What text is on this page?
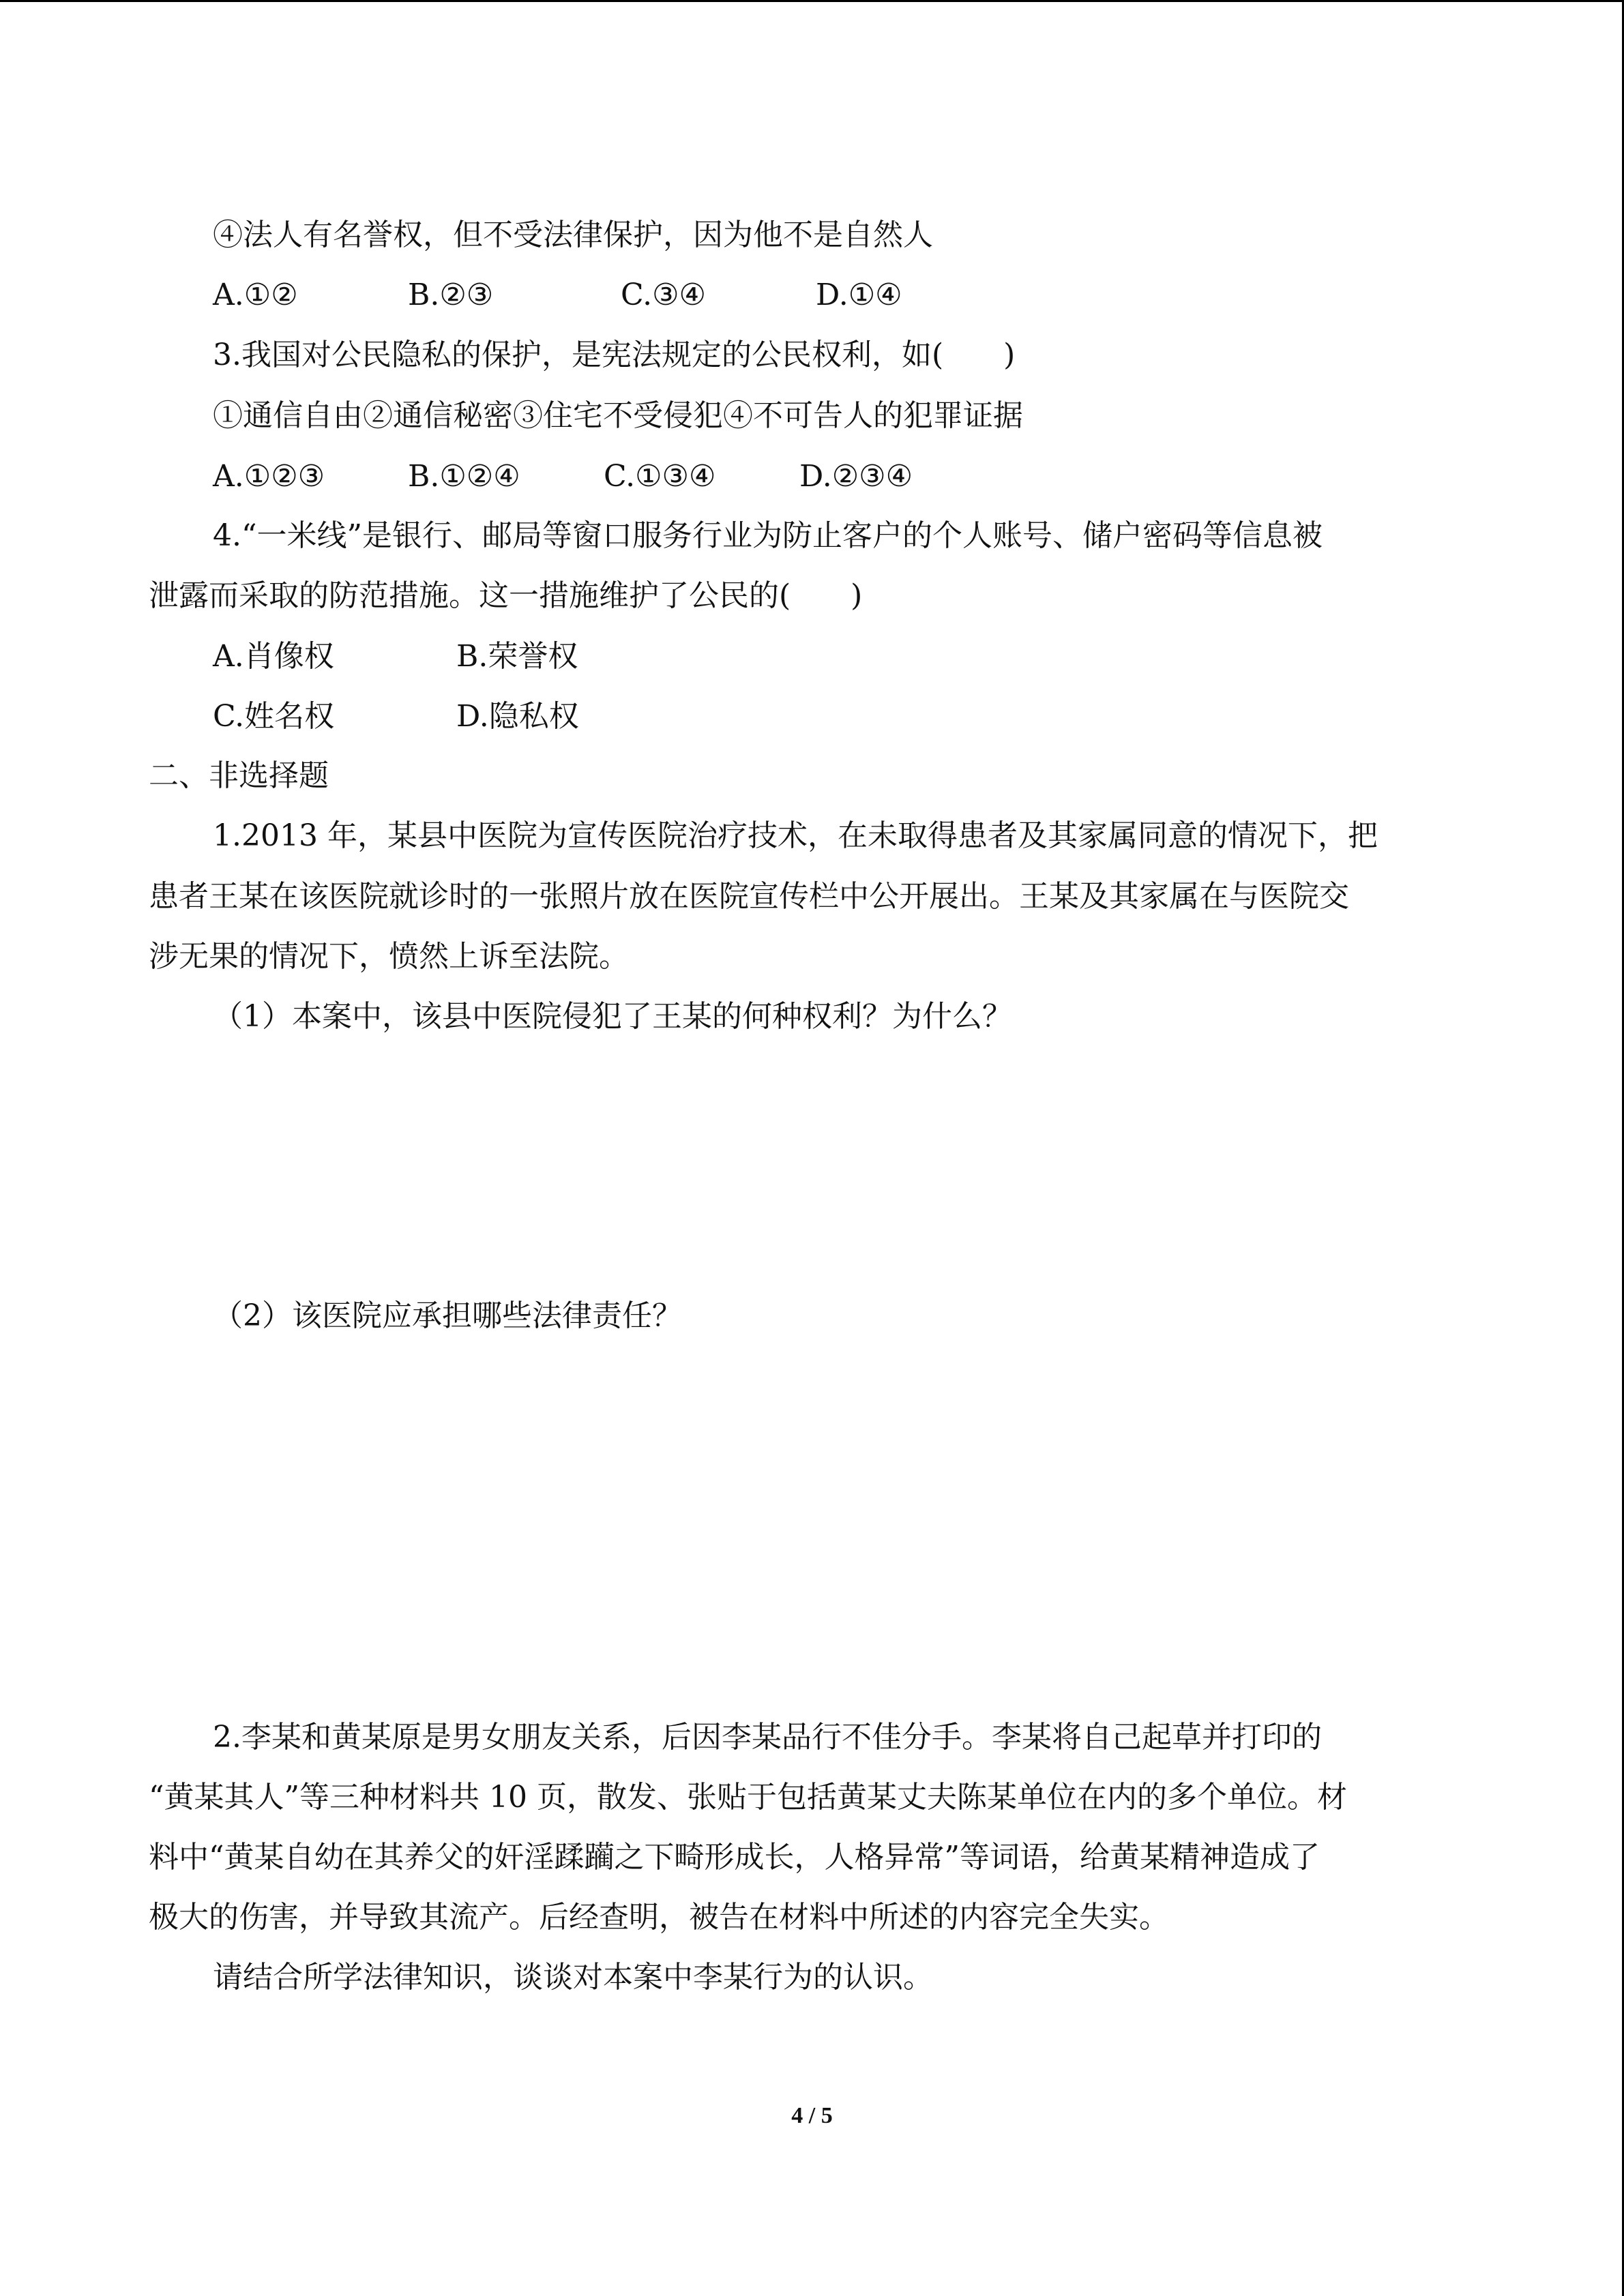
④法人有名誉权，但不受法律保护，因为他不是自然人

A.①②	B.②③	C.③④	D.①④

3.我国对公民隐私的保护，是宪法规定的公民权利，如(　　)

①通信自由②通信秘密③住宅不受侵犯④不可告人的犯罪证据

A.①②③	B.①②④	C.①③④	D.②③④

4.“一米线”是银行、邮局等窗口服务行业为防止客户的个人账号、储户密码等信息被

泄露而采取的防范措施。这一措施维护了公民的(　　)

A.肖像权	B.荣誉权
C.姓名权	D.隐私权

二、非选择题

1.2013 年，某县中医院为宣传医院治疗技术，在未取得患者及其家属同意的情况下，把

患者王某在该医院就诊时的一张照片放在医院宣传栏中公开展出。王某及其家属在与医院交

涉无果的情况下，愤然上诉至法院。

（1）本案中，该县中医院侵犯了王某的何种权利？为什么？

（2）该医院应承担哪些法律责任？

2.李某和黄某原是男女朋友关系，后因李某品行不佳分手。李某将自己起草并打印的

“黄某其人”等三种材料共 10 页，散发、张贴于包括黄某丈夫陈某单位在内的多个单位。材

料中“黄某自幼在其养父的奸淫蹂躏之下畸形成长，人格异常”等词语，给黄某精神造成了

极大的伤害，并导致其流产。后经查明，被告在材料中所述的内容完全失实。

请结合所学法律知识，谈谈对本案中李某行为的认识。

4 / 5
